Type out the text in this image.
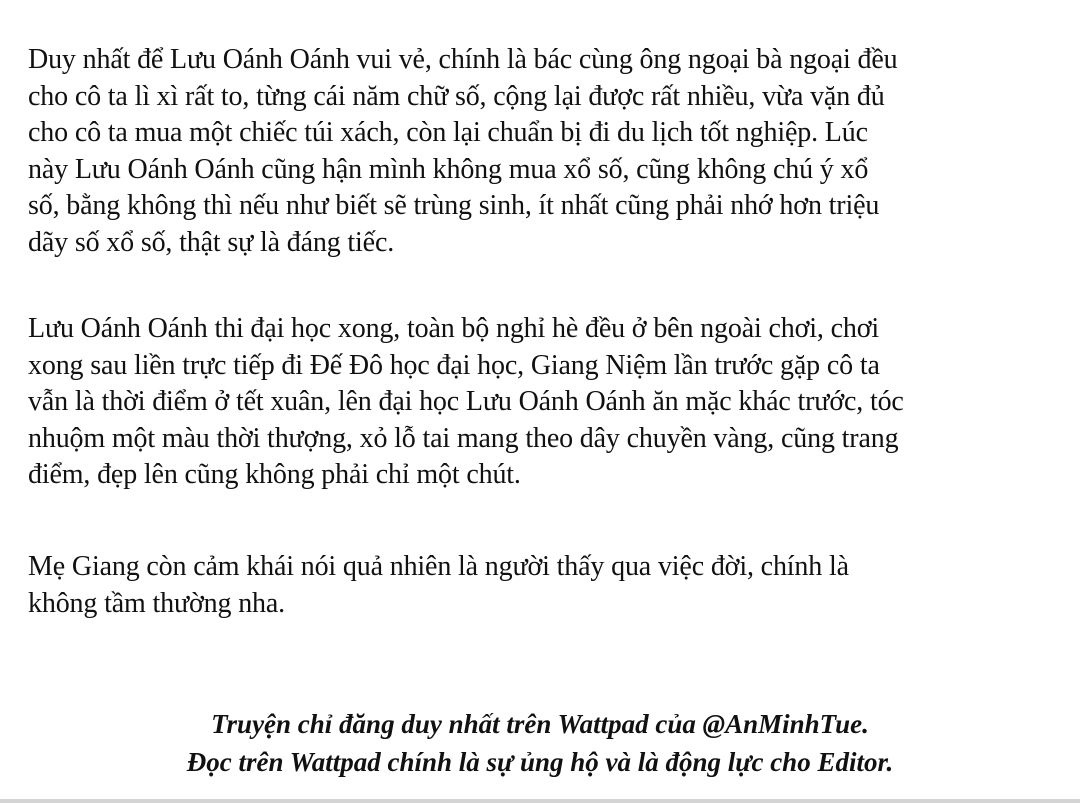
Duy nhất để Lưu Oánh Oánh vui vẻ, chính là bác cùng ông ngoại bà ngoại đều
cho cô ta lì xì rất to, từng cái năm chữ số, cộng lại được rất nhiều, vừa vặn đủ
cho cô ta mua một chiếc túi xách, còn lại chuẩn bị đi du lịch tốt nghiệp. Lúc
này Lưu Oánh Oánh cũng hận mình không mua xổ số, cũng không chú ý xổ
số, bằng không thì nếu như biết sẽ trùng sinh, ít nhất cũng phải nhớ hơn triệu
dãy số xổ số, thật sự là đáng tiếc.

Lưu Oánh Oánh thi đại học xong, toàn bộ nghỉ hè đều ở bên ngoài chơi, chơi
xong sau liền trực tiếp đi Đế Đô học đại học, Giang Niệm lần trước gặp cô ta
vẫn là thời điểm ở tết xuân, lên đại học Lưu Oánh Oánh ăn mặc khác trước, tóc
nhuộm một màu thời thượng, xỏ lỗ tai mang theo dây chuyền vàng, cũng trang
điểm, đẹp lên cũng không phải chỉ một chút.

Mẹ Giang còn cảm khái nói quả nhiên là người thấy qua việc đời, chính là
không tầm thường nha.

Truyện chỉ đăng duy nhất trên Wattpad của @AnMinhTue.
Đọc trên Wattpad chính là sự ủng hộ và là động lực cho Editor.
